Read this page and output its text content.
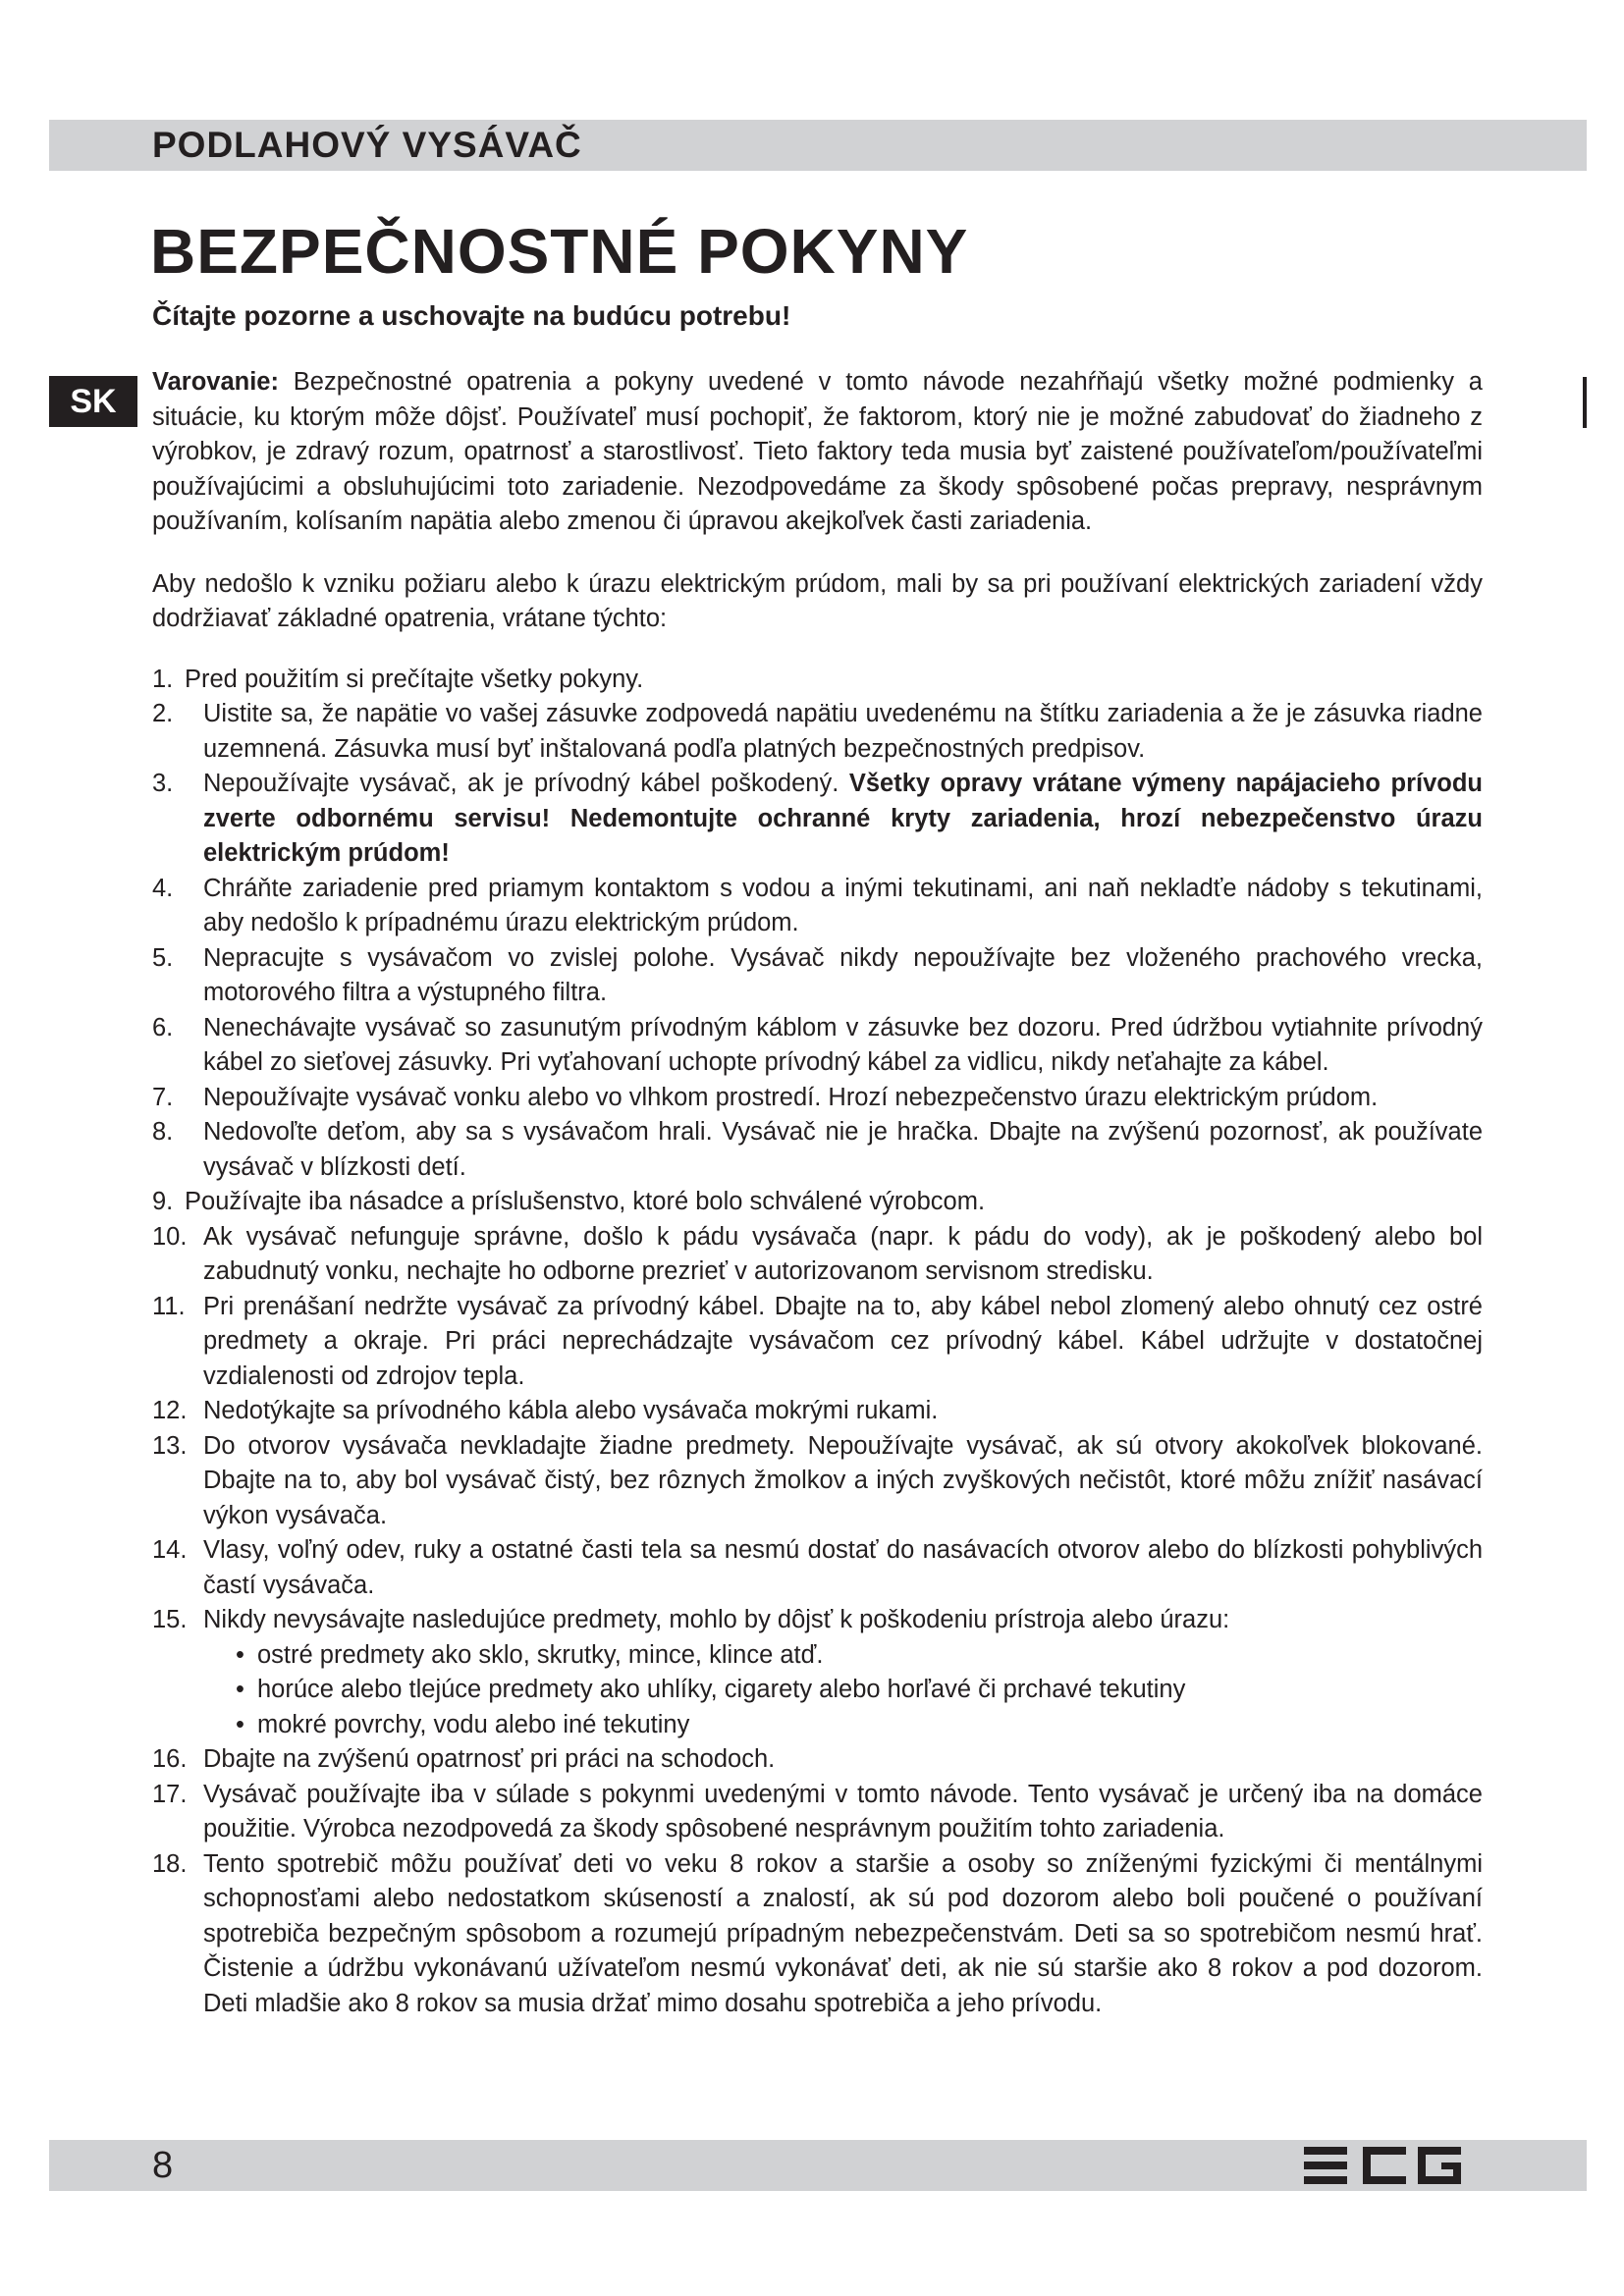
PODLAHOVÝ VYSÁVAČ
BEZPEČNOSTNÉ POKYNY
Čítajte pozorne a uschovajte na budúcu potrebu!
SK

Varovanie: Bezpečnostné opatrenia a pokyny uvedené v tomto návode nezahŕňajú všetky možné podmienky a situácie, ku ktorým môže dôjsť. Používateľ musí pochopiť, že faktorom, ktorý nie je možné zabudovať do žiadneho z výrobkov, je zdravý rozum, opatrnosť a starostlivosť. Tieto faktory teda musia byť zaistené používateľom/používateľmi používajúcimi a obsluhujúcimi toto zariadenie. Nezodpovedáme za škody spôsobené počas prepravy, nesprávnym používaním, kolísaním napätia alebo zmenou či úpravou akejkoľvek časti zariadenia.

Aby nedošlo k vzniku požiaru alebo k úrazu elektrickým prúdom, mali by sa pri používaní elektrických zariadení vždy dodržiavať základné opatrenia, vrátane týchto:

1. Pred použitím si prečítajte všetky pokyny.
2. Uistite sa, že napätie vo vašej zásuvke zodpovedá napätiu uvedenému na štítku zariadenia a že je zásuvka riadne uzemnená. Zásuvka musí byť inštalovaná podľa platných bezpečnostných predpisov.
3. Nepoužívajte vysávač, ak je prívodný kábel poškodený. Všetky opravy vrátane výmeny napájacieho prívodu zverte odbornému servisu! Nedemontujte ochranné kryty zariadenia, hrozí nebezpečenstvo úrazu elektrickým prúdom!
4. Chráňte zariadenie pred priamym kontaktom s vodou a inými tekutinami, ani naň nekladťe nádoby s tekutinami, aby nedošlo k prípadnému úrazu elektrickým prúdom.
5. Nepracujte s vysávačom vo zvislej polohe. Vysávač nikdy nepoužívajte bez vloženého prachového vrecka, motorového filtra a výstupného filtra.
6. Nenechávajte vysávač so zasunutým prívodným káblom v zásuvke bez dozoru. Pred údržbou vytiahnite prívodný kábel zo sieťovej zásuvky. Pri vyťahovaní uchopte prívodný kábel za vidlicu, nikdy neťahajte za kábel.
7. Nepoužívajte vysávač vonku alebo vo vlhkom prostredí. Hrozí nebezpečenstvo úrazu elektrickým prúdom.
8. Nedovoľte deťom, aby sa s vysávačom hrali. Vysávač nie je hračka. Dbajte na zvýšenú pozornosť, ak používate vysávač v blízkosti detí.
9. Používajte iba násadce a príslušenstvo, ktoré bolo schválené výrobcom.
10. Ak vysávač nefunguje správne, došlo k pádu vysávača (napr. k pádu do vody), ak je poškodený alebo bol zabudnutý vonku, nechajte ho odborne prezrieť v autorizovanom servisnom stredisku.
11. Pri prenášaní nedržte vysávač za prívodný kábel. Dbajte na to, aby kábel nebol zlomený alebo ohnutý cez ostré predmety a okraje. Pri práci neprechádzajte vysávačom cez prívodný kábel. Kábel udržujte v dostatočnej vzdialenosti od zdrojov tepla.
12. Nedotýkajte sa prívodného kábla alebo vysávača mokrými rukami.
13. Do otvorov vysávača nevkladajte žiadne predmety. Nepoužívajte vysávač, ak sú otvory akokoľvek blokované. Dbajte na to, aby bol vysávač čistý, bez rôznych žmolkov a iných zvyškových nečistôt, ktoré môžu znížiť nasávací výkon vysávača.
14. Vlasy, voľný odev, ruky a ostatné časti tela sa nesmú dostať do nasávacích otvorov alebo do blízkosti pohyblivých častí vysávača.
15. Nikdy nevysávajte nasledujúce predmety, mohlo by dôjsť k poškodeniu prístroja alebo úrazu:
• ostré predmety ako sklo, skrutky, mince, klince atď.
• horúce alebo tlejúce predmety ako uhlíky, cigarety alebo horľavé či prchavé tekutiny
• mokré povrchy, vodu alebo iné tekutiny
16. Dbajte na zvýšenú opatrnosť pri práci na schodoch.
17. Vysávač používajte iba v súlade s pokynmi uvedenými v tomto návode. Tento vysávač je určený iba na domáce použitie. Výrobca nezodpovedá za škody spôsobené nesprávnym použitím tohto zariadenia.
18. Tento spotrebič môžu používať deti vo veku 8 rokov a staršie a osoby so zníženými fyzickými či mentálnymi schopnosťami alebo nedostatkom skúseností a znalostí, ak sú pod dozorom alebo boli poučené o používaní spotrebiča bezpečným spôsobom a rozumejú prípadným nebezpečenstvám. Deti sa so spotrebičom nesmú hrať. Čistenie a údržbu vykonávanú užívateľom nesmú vykonávať deti, ak nie sú staršie ako 8 rokov a pod dozorom. Deti mladšie ako 8 rokov sa musia držať mimo dosahu spotrebiča a jeho prívodu.
8
